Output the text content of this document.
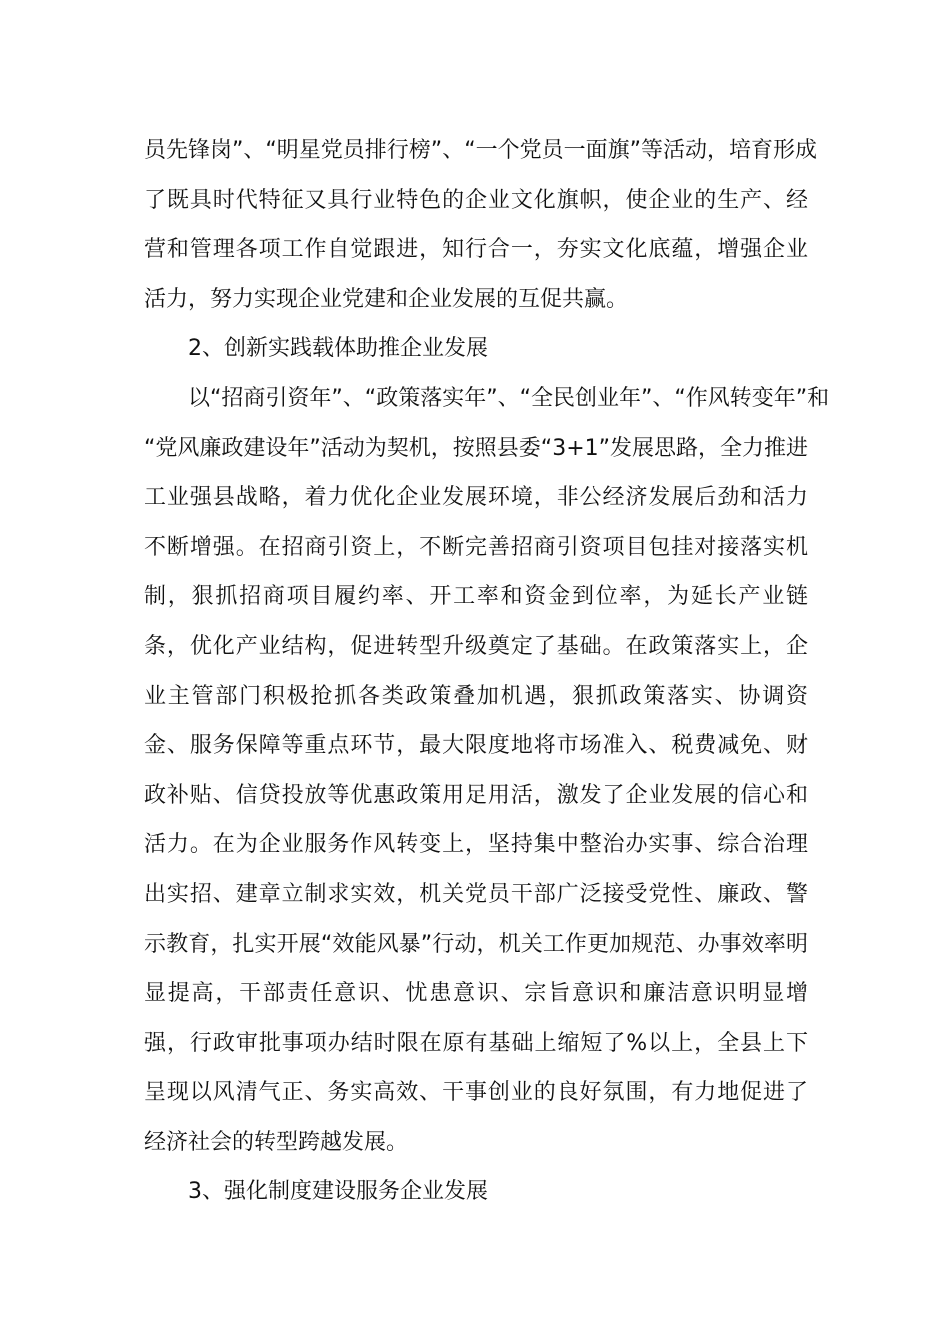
员先锋岗”、“明星党员排行榜”、“一个党员一面旗”等活动，培育形成
了既具时代特征又具行业特色的企业文化旗帜，使企业的生产、经
营和管理各项工作自觉跟进，知行合一，夯实文化底蕴，增强企业
活力，努力实现企业党建和企业发展的互促共赢。

2、创新实践载体助推企业发展

以“招商引资年”、“政策落实年”、“全民创业年”、“作风转变年”和
“党风廉政建设年”活动为契机，按照县委“3+1”发展思路，全力推进
工业强县战略，着力优化企业发展环境，非公经济发展后劲和活力
不断增强。在招商引资上，不断完善招商引资项目包挂对接落实机
制，狠抓招商项目履约率、开工率和资金到位率，为延长产业链
条，优化产业结构，促进转型升级奠定了基础。在政策落实上，企
业主管部门积极抢抓各类政策叠加机遇，狠抓政策落实、协调资
金、服务保障等重点环节，最大限度地将市场准入、税费减免、财
政补贴、信贷投放等优惠政策用足用活，激发了企业发展的信心和
活力。在为企业服务作风转变上，坚持集中整治办实事、综合治理
出实招、建章立制求实效，机关党员干部广泛接受党性、廉政、警
示教育，扎实开展“效能风暴”行动，机关工作更加规范、办事效率明
显提高，干部责任意识、忧患意识、宗旨意识和廉洁意识明显增
强，行政审批事项办结时限在原有基础上缩短了%以上，全县上下
呈现以风清气正、务实高效、干事创业的良好氛围，有力地促进了
经济社会的转型跨越发展。

3、强化制度建设服务企业发展
